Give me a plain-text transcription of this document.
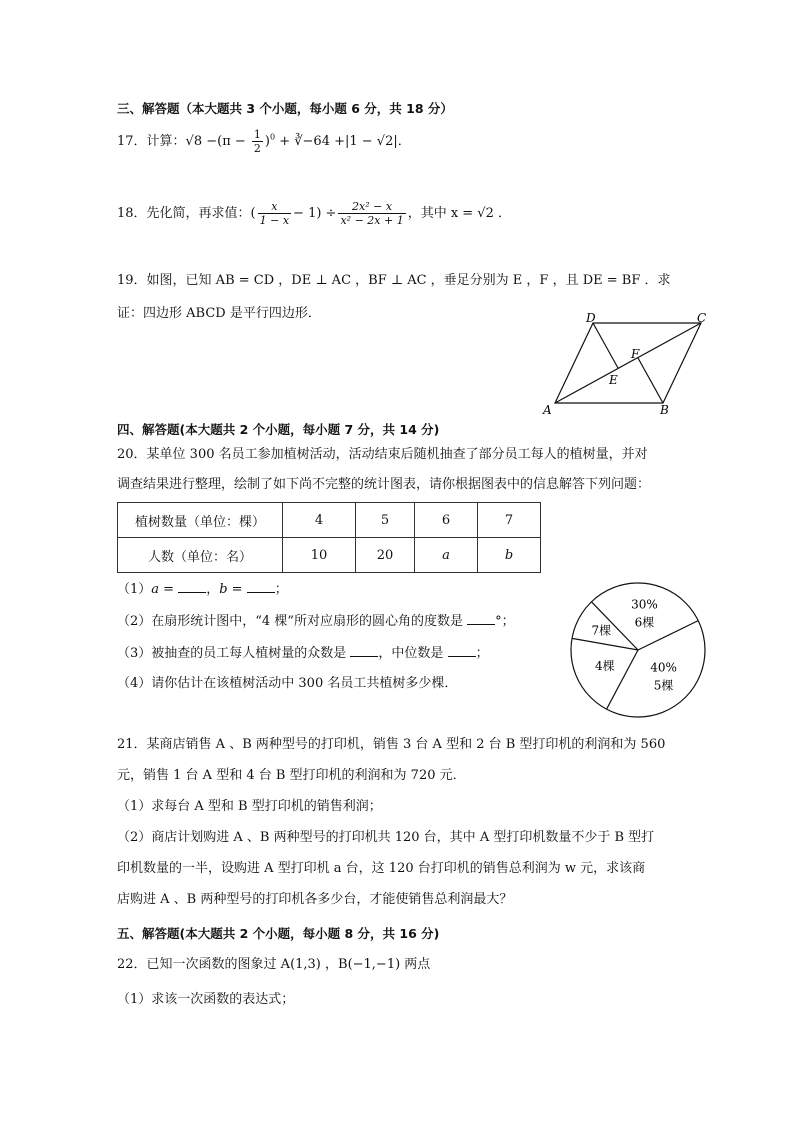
三、解答题（本大题共 3 个小题，每小题 6 分，共 18 分）
17．计算：$√8 -(\pi - \frac{1}{2} )^0$ + ∛−64 +|1 − √2|．
18．先化简，再求值：( $\frac{x}{1 - x} - 1) \div \frac{\text{2x² − x}}{\text{x² − 2x + 1}}$ ，其中 x = √2 ．
19．如图，已知 AB = CD ，DE ⊥ AC ，BF ⊥ AC ，垂足分别为 E ，F ，且 DE = BF ．求
证：四边形 ABCD 是平行四边形．
A	B
C
D
E
F
四、解答题(本大题共 2 个小题，每小题 7 分，共 14 分)
20．某单位 300 名员工参加植树活动，活动结束后随机抽查了部分员工每人的植树量，并对
调查结果进行整理，绘制了如下尚不完整的统计图表，请你根据图表中的信息解答下列问题：
植树数量（单位：棵）	4	5	6	7
人数（单位：名）	10	20	a	b
（1）a = ，b = ；
（2）在扇形统计图中，“4 棵”所对应扇形的圆心角的度数是 °；
（3）被抽查的员工每人植树量的众数是 ，中位数是 ；
（4）请你估计在该植树活动中 300 名员工共植树多少棵．
30%
6棵
40%
5棵
4棵
7棵
21．某商店销售 A 、B 两种型号的打印机，销售 3 台 A 型和 2 台 B 型打印机的利润和为 560
元，销售 1 台 A 型和 4 台 B 型打印机的利润和为 720 元．
（1）求每台 A 型和 B 型打印机的销售利润；
（2）商店计划购进 A 、B 两种型号的打印机共 120 台，其中 A 型打印机数量不少于 B 型打
印机数量的一半，设购进 A 型打印机 a 台，这 120 台打印机的销售总利润为 w 元，求该商
店购进 A 、B 两种型号的打印机各多少台，才能使销售总利润最大？
五、解答题(本大题共 2 个小题，每小题 8 分，共 16 分)
22．已知一次函数的图象过 A(1,3) ，B(−1,−1) 两点
（1）求该一次函数的表达式；
